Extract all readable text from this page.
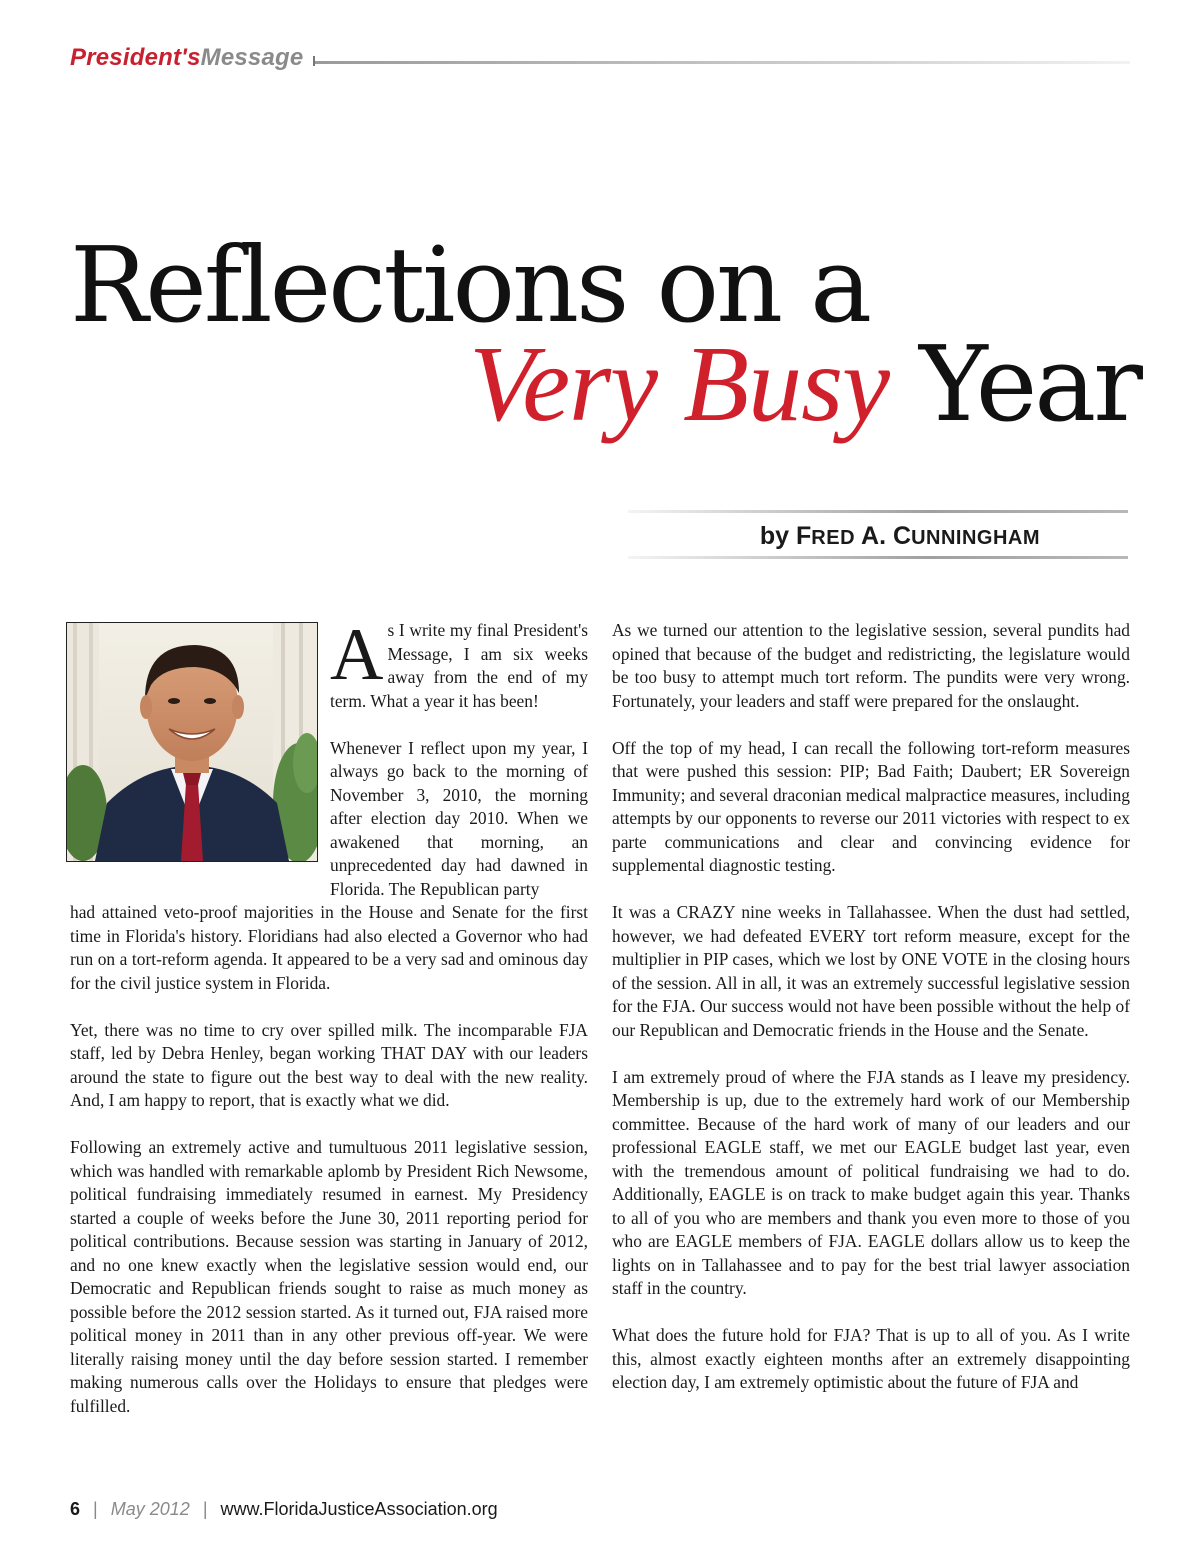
President'sMessage
Reflections on a
Very Busy Year
by FRED A. CUNNINGHAM

As I write my final President's Message, I am six weeks away from the end of my term. What a year it has been!

Whenever I reflect upon my year, I always go back to the morning of November 3, 2010, the morning after election day 2010. When we awakened that morning, an unprecedented day had dawned in Florida. The Republican party

had attained veto-proof majorities in the House and Senate for the first time in Florida's history. Floridians had also elected a Governor who had run on a tort-reform agenda. It appeared to be a very sad and ominous day for the civil justice system in Florida.

Yet, there was no time to cry over spilled milk. The incomparable FJA staff, led by Debra Henley, began working THAT DAY with our leaders around the state to figure out the best way to deal with the new reality. And, I am happy to report, that is exactly what we did.

Following an extremely active and tumultuous 2011 legislative session, which was handled with remarkable aplomb by President Rich Newsome, political fundraising immediately resumed in earnest. My Presidency started a couple of weeks before the June 30, 2011 reporting period for political contributions. Because session was starting in January of 2012, and no one knew exactly when the legislative session would end, our Democratic and Republican friends sought to raise as much money as possible before the 2012 session started. As it turned out, FJA raised more political money in 2011 than in any other previous off-year. We were literally raising money until the day before session started. I remember making numerous calls over the Holidays to ensure that pledges were fulfilled.

As we turned our attention to the legislative session, several pundits had opined that because of the budget and redistricting, the legislature would be too busy to attempt much tort reform. The pundits were very wrong. Fortunately, your leaders and staff were prepared for the onslaught.

Off the top of my head, I can recall the following tort-reform measures that were pushed this session: PIP; Bad Faith; Daubert; ER Sovereign Immunity; and several draconian medical malpractice measures, including attempts by our opponents to reverse our 2011 victories with respect to ex parte communications and clear and convincing evidence for supplemental diagnostic testing.

It was a CRAZY nine weeks in Tallahassee. When the dust had settled, however, we had defeated EVERY tort reform measure, except for the multiplier in PIP cases, which we lost by ONE VOTE in the closing hours of the session. All in all, it was an extremely successful legislative session for the FJA. Our success would not have been possible without the help of our Republican and Democratic friends in the House and the Senate.

I am extremely proud of where the FJA stands as I leave my presidency. Membership is up, due to the extremely hard work of our Membership committee. Because of the hard work of many of our leaders and our professional EAGLE staff, we met our EAGLE budget last year, even with the tremendous amount of political fundraising we had to do. Additionally, EAGLE is on track to make budget again this year. Thanks to all of you who are members and thank you even more to those of you who are EAGLE members of FJA. EAGLE dollars allow us to keep the lights on in Tallahassee and to pay for the best trial lawyer association staff in the country.

What does the future hold for FJA? That is up to all of you. As I write this, almost exactly eighteen months after an extremely disappointing election day, I am extremely optimistic about the future of FJA and

6 | May 2012 | www.FloridaJusticeAssociation.org
